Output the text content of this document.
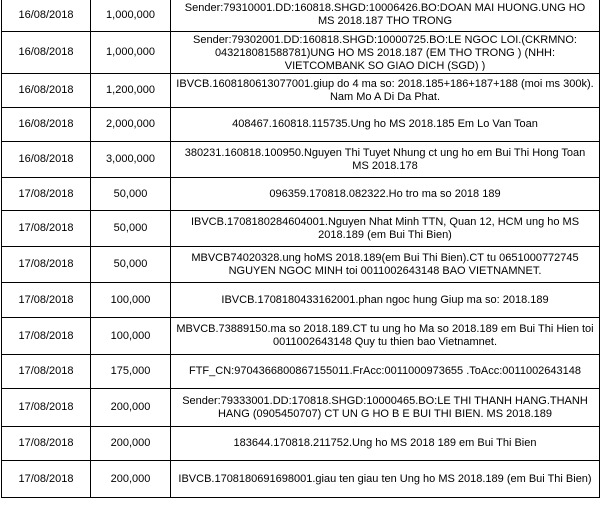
16/08/2018	1,000,000	Sender:79310001.DD:160818.SHGD:10006426.BO:DOAN MAI HUONG.UNG HO MS 2018.187 THO TRONG
16/08/2018	1,000,000	Sender:79302001.DD:160818.SHGD:10000725.BO:LE NGOC LOI.(CKRMNO: 0432180815887​81)UNG HO MS 2018.187 (EM THO TRONG ) (NHH: VIETCOMBANK SO GIAO DICH (SGD) )

16/08/2018	1,200,000	IBVCB.1608180613077001.giup do 4 ma so: 2018.185+186+187+188 (moi ms 300k). Nam Mo A Di Da Phat.
16/08/2018	2,000,000	408467.160818.115735.Ung ho MS 2018.185 Em Lo Van Toan
16/08/2018	3,000,000	380231.160818.100950.Nguyen Thi Tuyet Nhung ct ung ho em Bui Thi Hong Toan MS 2018.178
17/08/2018	50,000	096359.170818.082322.Ho tro ma so 2018 189
17/08/2018	50,000	IBVCB.1708180284604001.Nguyen Nhat Minh TTN, Quan 12, HCM ung ho MS 2018.189 (em Bui Thi Bien)
17/08/2018	50,000	MBVCB74020328.ung hoMS 2018.189(em Bui Thi Bien).CT tu 0651000772745 NGUYEN NGOC MINH toi 0011002643148 BAO VIETNAMNET.
17/08/2018	100,000	IBVCB.1708180433162001.phan ngoc hung Giup ma so: 2018.189
17/08/2018	100,000	MBVCB.73889150.ma so 2018.189.CT tu ung ho Ma so 2018.189 em Bui Thi Hien toi 0011002643148 Quy tu thien bao Vietnamnet.
17/08/2018	175,000	FTF_CN:9704366800867155011.FrAcc:0011000973655 .ToAcc:0011002643148
17/08/2018	200,000	Sender:79333001.DD:170818.SHGD:10000465.BO:LE THI THANH HANG.THANH HANG (0905450707) CT UN G HO B E BUI THI BIEN. MS 2018.189
17/08/2018	200,000	183644.170818.211752.Ung ho MS 2018 189 em Bui Thi Bien
17/08/2018	200,000	IBVCB.1708180691698001.giau ten giau ten Ung ho MS 2018.189 (em Bui Thi Bien)
